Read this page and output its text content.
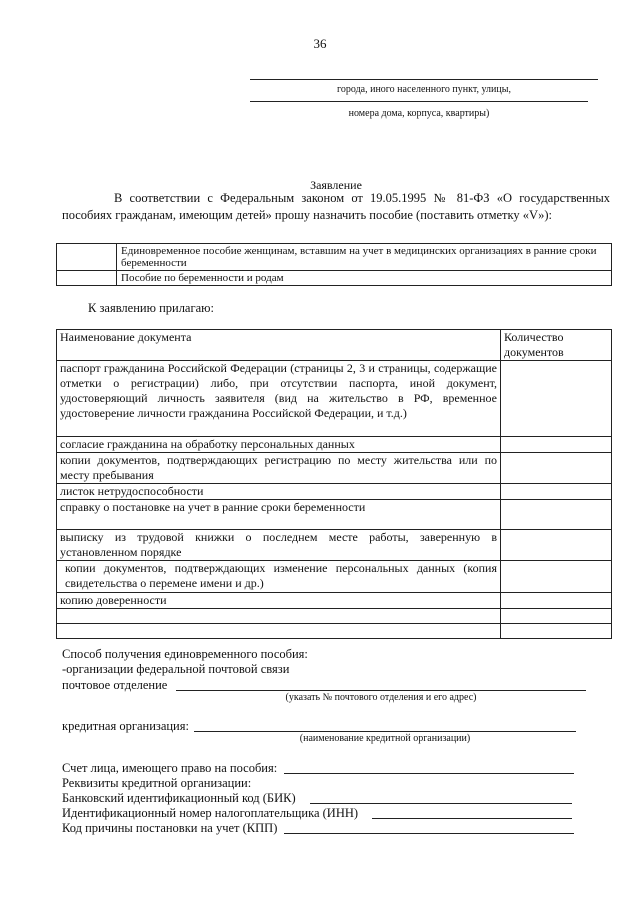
36
города, иного населенного пункт, улицы,
номера дома, корпуса, квартиры)
Заявление
В соответствии с Федеральным законом от 19.05.1995 № 81-ФЗ «О государственных пособиях гражданам, имеющим детей» прошу назначить пособие (поставить отметку «V»):
	Единовременное пособие женщинам, вставшим на учет в медицинских организациях в ранние сроки беременности
	Пособие по беременности и родам
К заявлению прилагаю:
Наименование документа	Количество документов
паспорт гражданина Российской Федерации (страницы 2, 3 и страницы, содержащие отметки о регистрации) либо, при отсутствии паспорта, иной документ, удостоверяющий личность заявителя (вид на жительство в РФ, временное удостоверение личности гражданина Российской Федерации, и т.д.)	
согласие гражданина на обработку персональных данных	
копии документов, подтверждающих регистрацию по месту жительства или по месту пребывания	
листок нетрудоспособности	
справку о постановке на учет в ранние сроки беременности	
выписку из трудовой книжки о последнем месте работы, заверенную в установленном порядке	
копии документов, подтверждающих изменение персональных данных (копия свидетельства о перемене имени и др.)	
копию доверенности	

Способ получения единовременного пособия:
-организации федеральной почтовой связи
почтовое отделение
(указать № почтового отделения и его адрес)
кредитная организация:
(наименование кредитной организации)
Счет лица, имеющего право на пособия:
Реквизиты кредитной организации:
Банковский идентификационный код (БИК)
Идентификационный номер налогоплательщика (ИНН)
Код причины постановки на учет (КПП)
